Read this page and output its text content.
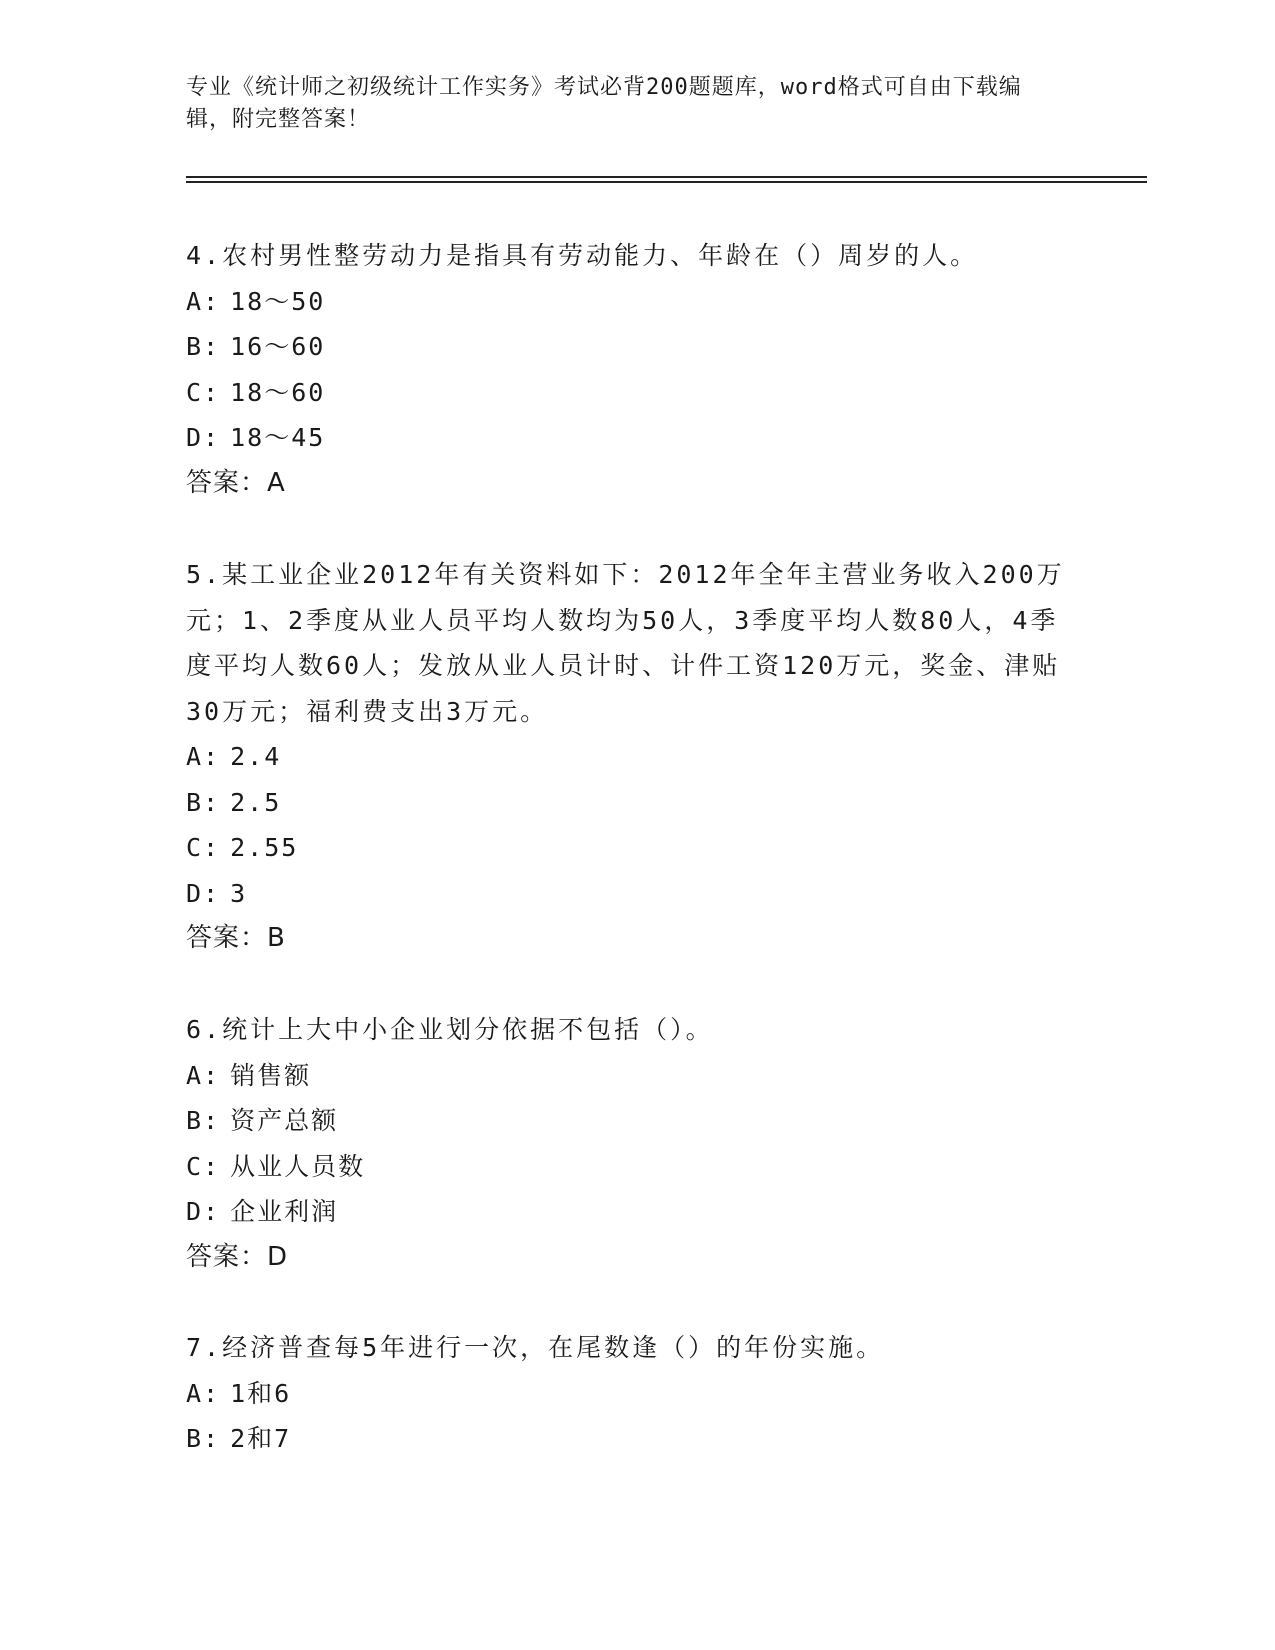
专业《统计师之初级统计工作实务》考试必背200题题库，word格式可自由下载编辑，附完整答案！

4.农村男性整劳动力是指具有劳动能力、年龄在（）周岁的人。

A: 18～50
B: 16～60
C: 18～60
D: 18～45
答案：A

5.某工业企业2012年有关资料如下：2012年全年主营业务收入200万元；1、2季度从业人员平均人数均为50人，3季度平均人数80人，4季度平均人数60人；发放从业人员计时、计件工资120万元，奖金、津贴30万元；福利费支出3万元。

A: 2.4
B: 2.5
C: 2.55
D: 3
答案：B

6.统计上大中小企业划分依据不包括（）。

A: 销售额
B: 资产总额
C: 从业人员数
D: 企业利润
答案：D

7.经济普查每5年进行一次，在尾数逢（）的年份实施。

A: 1和6
B: 2和7
